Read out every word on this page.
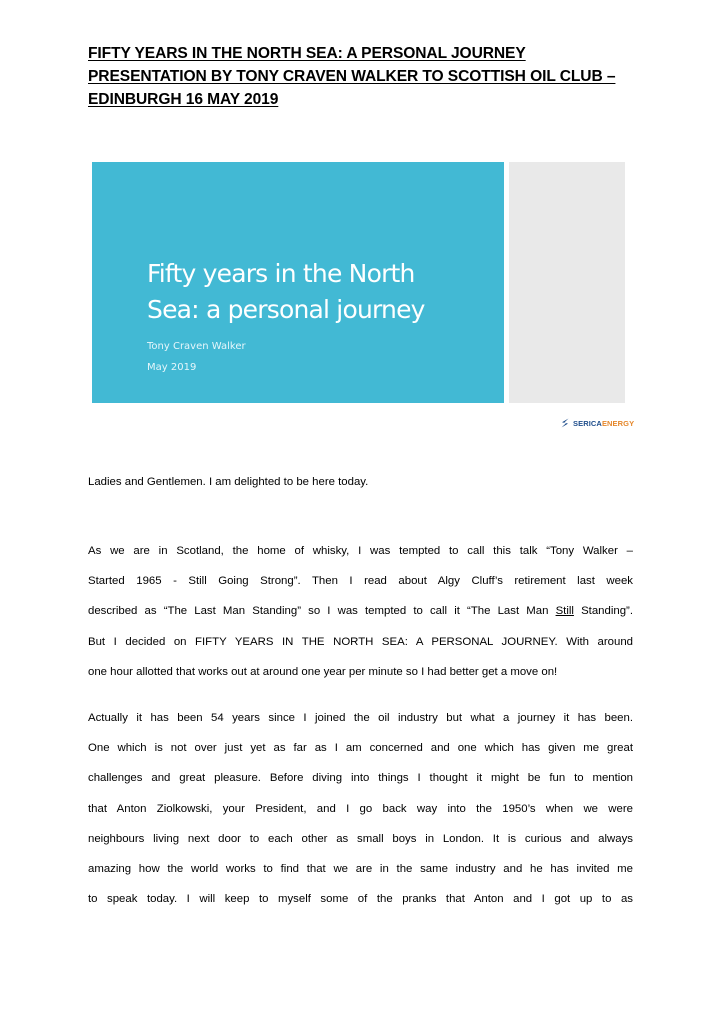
FIFTY YEARS IN THE NORTH SEA: A PERSONAL JOURNEY
PRESENTATION BY TONY CRAVEN WALKER TO SCOTTISH OIL CLUB –
EDINBURGH 16 MAY 2019
Fifty years in the North
Sea: a personal journey
Tony Craven Walker
May 2019
SERICA ENERGY
Ladies and Gentlemen. I am delighted to be here today.
As we are in Scotland, the home of whisky, I was tempted to call this talk “Tony Walker –
Started 1965 - Still Going Strong”. Then I read about Algy Cluff’s retirement last week
described as “The Last Man Standing” so I was tempted to call it “The Last Man Still Standing”.
But I decided on FIFTY YEARS IN THE NORTH SEA: A PERSONAL JOURNEY. With around
one hour allotted that works out at around one year per minute so I had better get a move on!
Actually it has been 54 years since I joined the oil industry but what a journey it has been.
One which is not over just yet as far as I am concerned and one which has given me great
challenges and great pleasure. Before diving into things I thought it might be fun to mention
that Anton Ziolkowski, your President, and I go back way into the 1950’s when we were
neighbours living next door to each other as small boys in London. It is curious and always
amazing how the world works to find that we are in the same industry and he has invited me
to speak today. I will keep to myself some of the pranks that Anton and I got up to as
